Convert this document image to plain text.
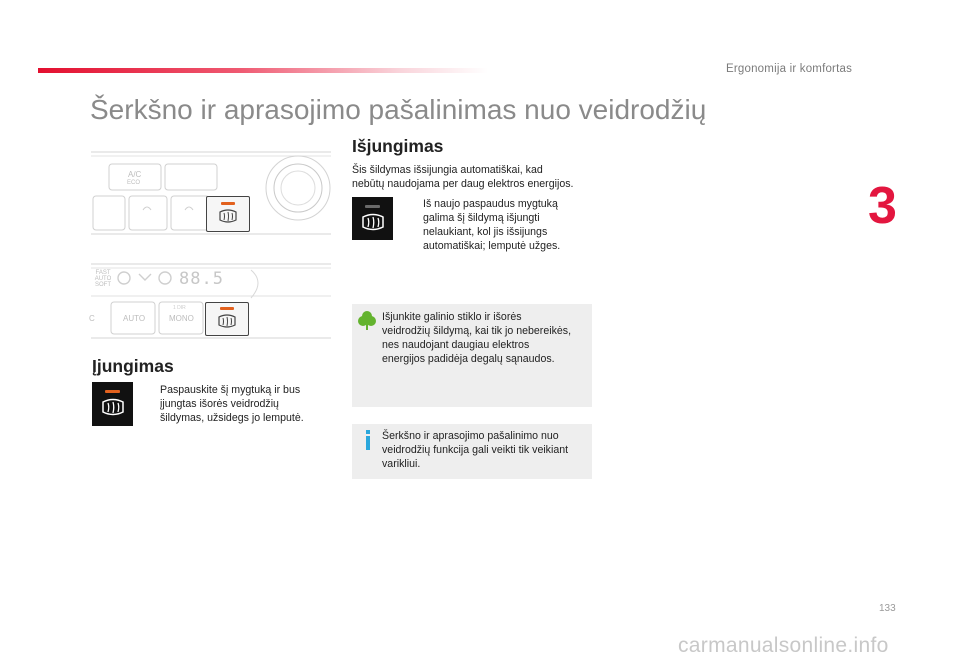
Ergonomija ir komfortas
Šerkšno ir aprasojimo pašalinimas nuo veidrodžių
3
A/C
ECO
FAST
AUTO
SOFT	88.5
C	AUTO	MONO
1 DIR
Įjungimas
Paspauskite šį mygtuką ir bus
įjungtas išorės veidrodžių
šildymas, užsidegs jo lemputė.
Išjungimas
Šis šildymas išsijungia automatiškai, kad
nebūtų naudojama per daug elektros energijos.
Iš naujo paspaudus mygtuką
galima šį šildymą išjungti
nelaukiant, kol jis išsijungs
automatiškai; lemputė užges.
Išjunkite galinio stiklo ir išorės
veidrodžių šildymą, kai tik jo nebereikės,
nes naudojant daugiau elektros
energijos padidėja degalų sąnaudos.
Šerkšno ir aprasojimo pašalinimo nuo
veidrodžių funkcija gali veikti tik veikiant
varikliui.
133
carmanualsonline.info
